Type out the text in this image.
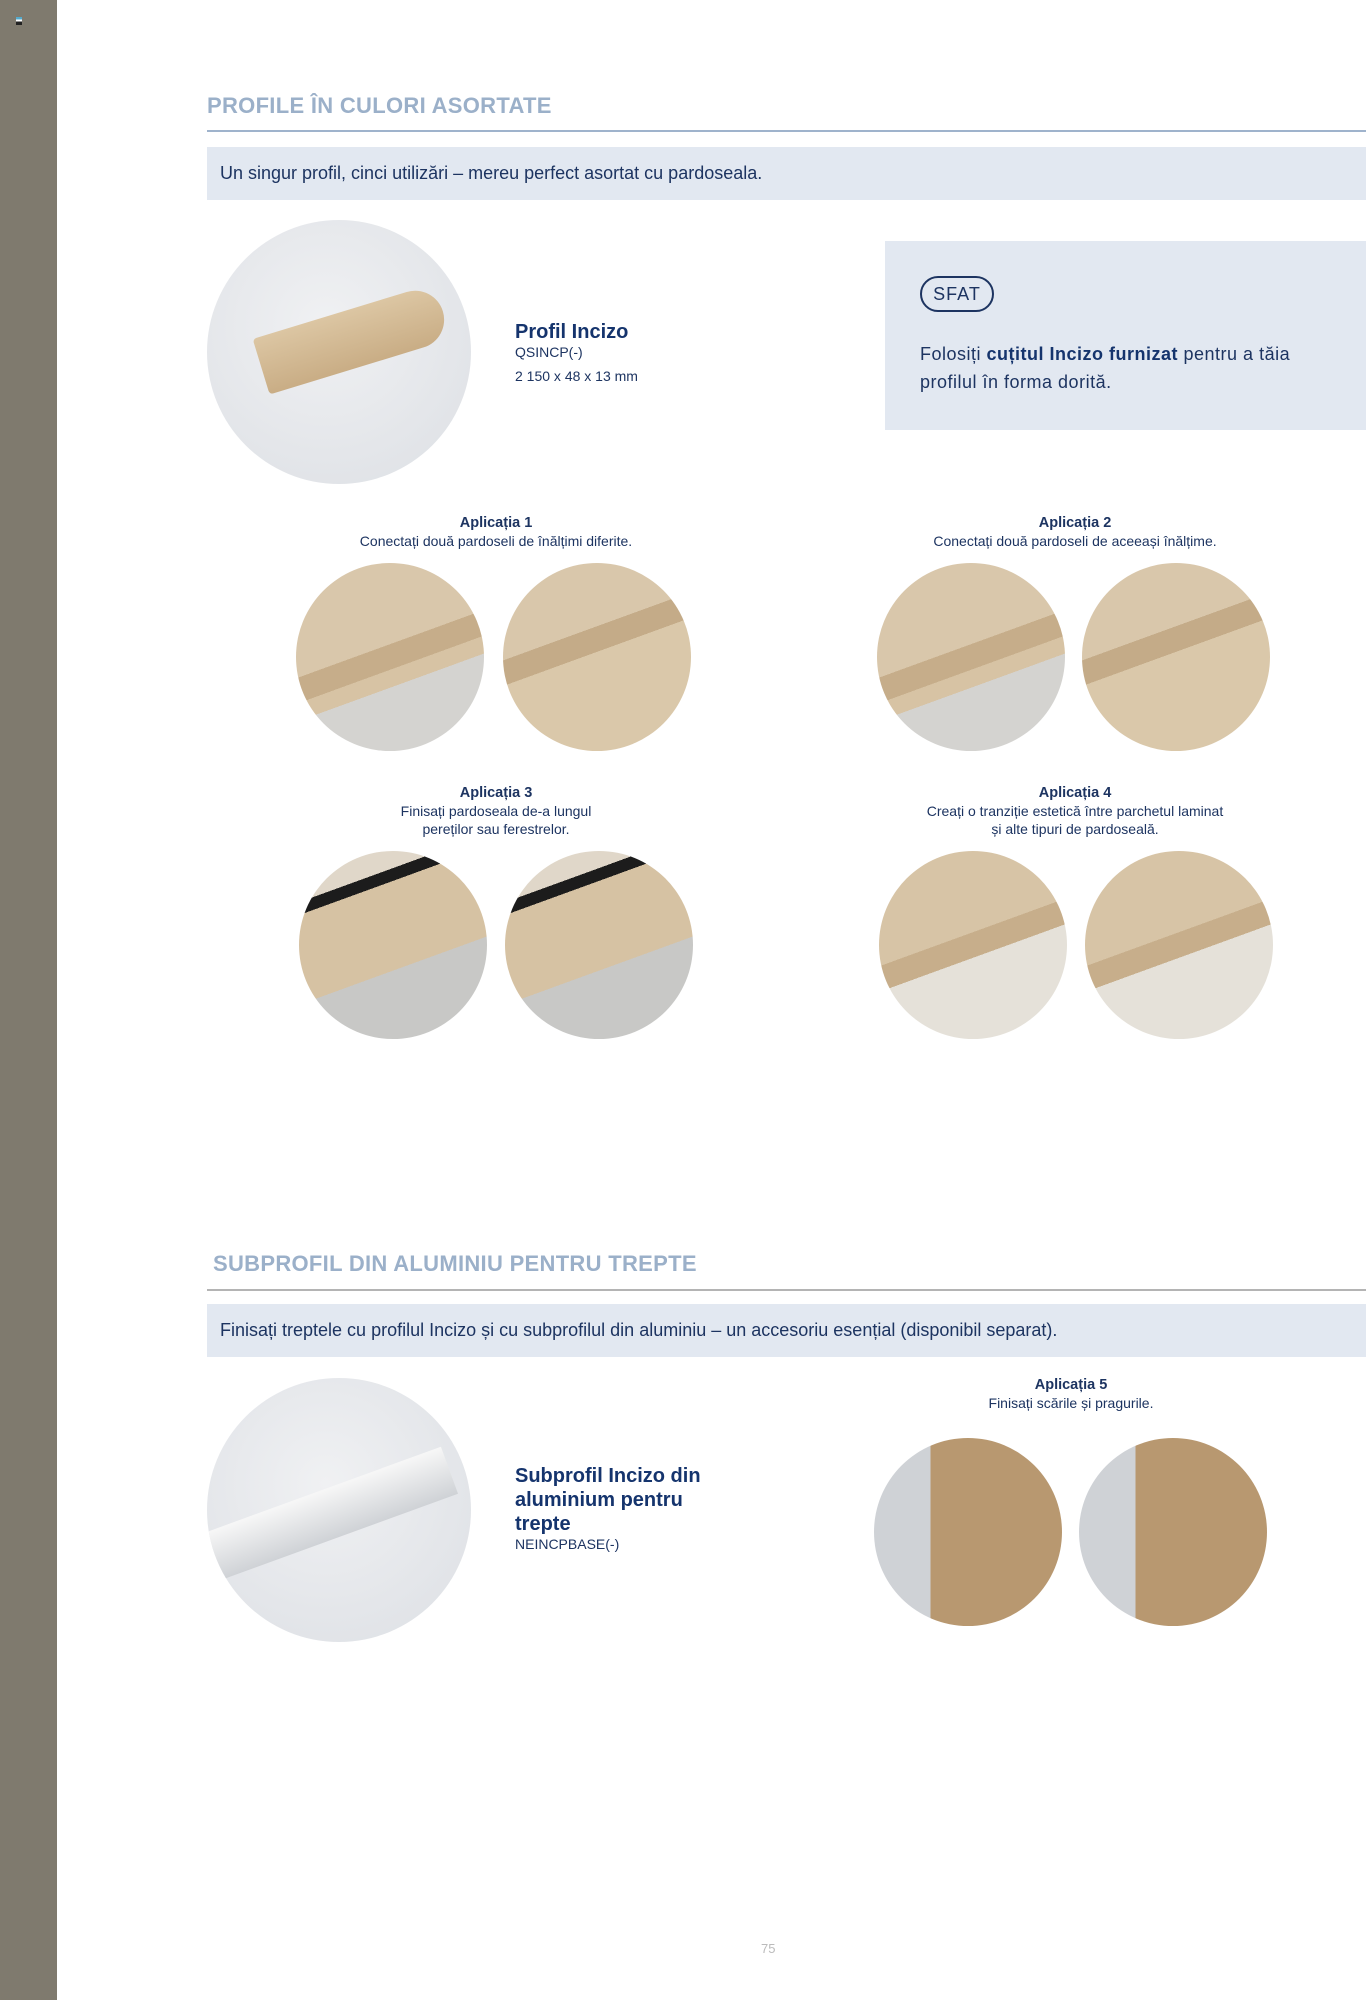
PROFILE ÎN CULORI ASORTATE
Un singur profil, cinci utilizări – mereu perfect asortat cu pardoseala.
Profil Incizo
QSINCP(-)
2 150 x 48 x 13 mm
SFAT
Folosiți cuțitul Incizo furnizat pentru a tăia profilul în forma dorită.
Aplicația 1
Conectați două pardoseli de înălțimi diferite.
Aplicația 2
Conectați două pardoseli de aceeași înălțime.
Aplicația 3
Finisați pardoseala de-a lungul pereților sau ferestrelor.
Aplicația 4
Creați o tranziție estetică între parchetul laminat și alte tipuri de pardoseală.
SUBPROFIL DIN ALUMINIU PENTRU TREPTE
Finisați treptele cu profilul Incizo și cu subprofilul din aluminiu – un accesoriu esențial (disponibil separat).
Subprofil Incizo din aluminium pentru trepte
NEINCPBASE(-)
Aplicația 5
Finisați scările și pragurile.
75
